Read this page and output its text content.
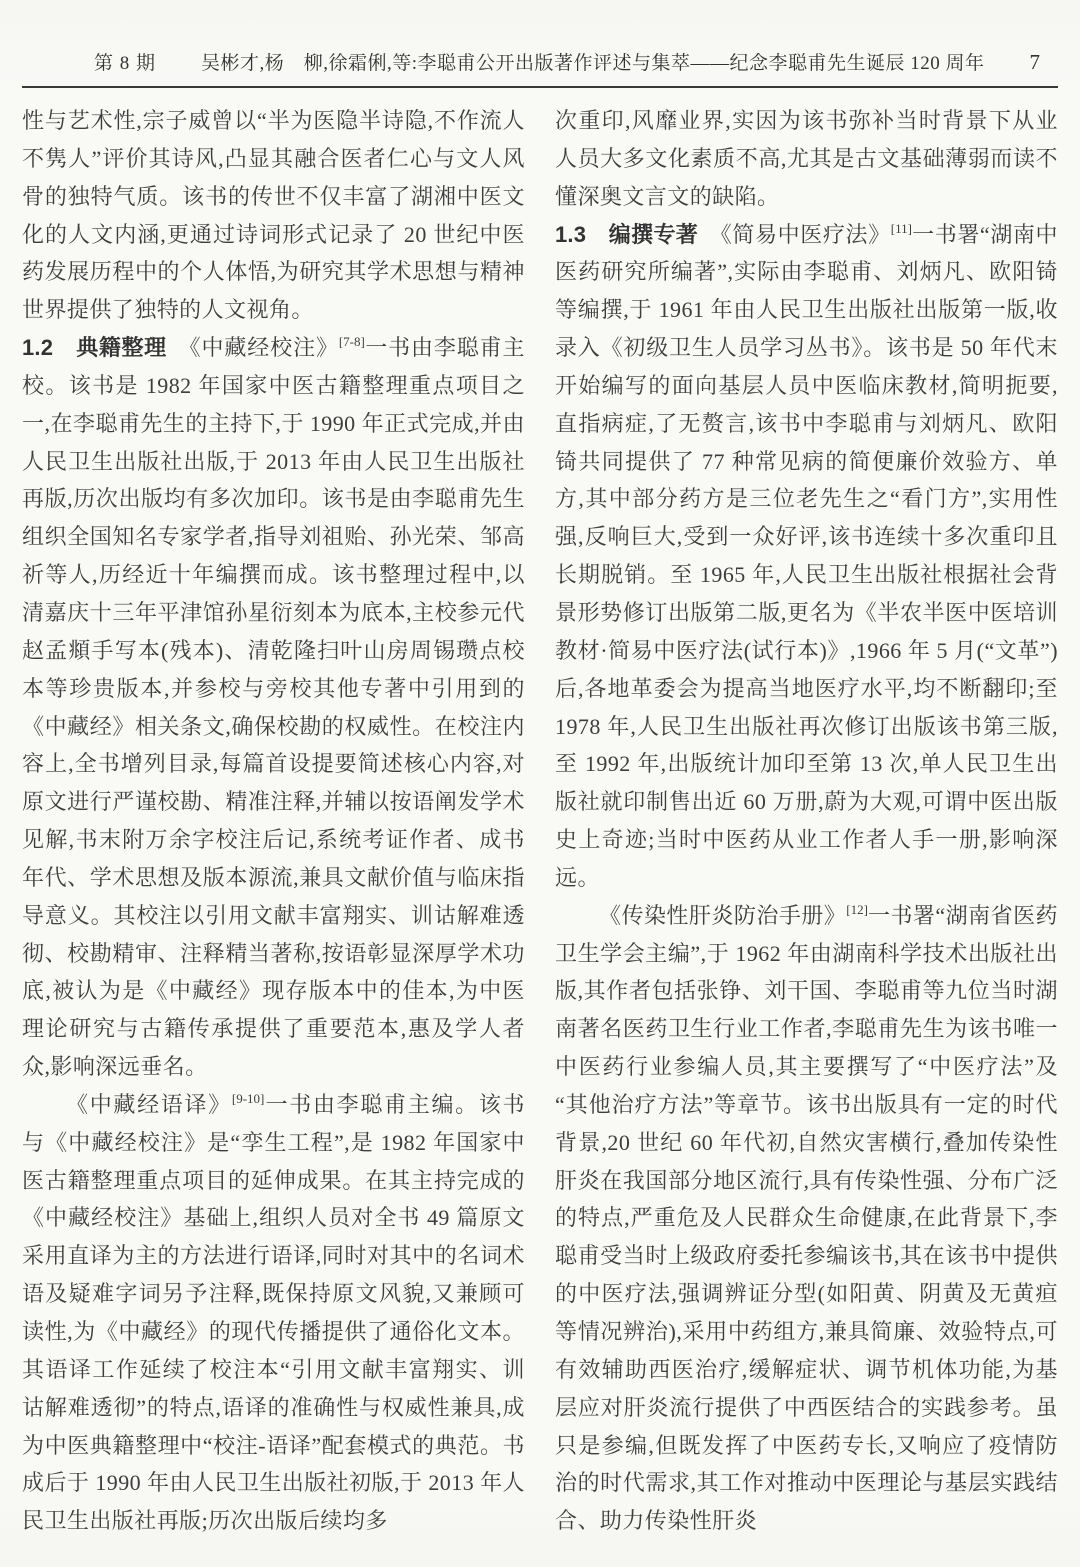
第 8 期	吴彬才,杨　柳,徐霜俐,等:李聪甫公开出版著作评述与集萃——纪念李聪甫先生诞辰 120 周年	7

性与艺术性,宗子威曾以“半为医隐半诗隐,不作流人不隽人”评价其诗风,凸显其融合医者仁心与文人风骨的独特气质。该书的传世不仅丰富了湖湘中医文化的人文内涵,更通过诗词形式记录了 20 世纪中医药发展历程中的个人体悟,为研究其学术思想与精神世界提供了独特的人文视角。

1.2　典籍整理　《中藏经校注》[7-8]一书由李聪甫主校。该书是 1982 年国家中医古籍整理重点项目之一,在李聪甫先生的主持下,于 1990 年正式完成,并由人民卫生出版社出版,于 2013 年由人民卫生出版社再版,历次出版均有多次加印。该书是由李聪甫先生组织全国知名专家学者,指导刘祖贻、孙光荣、邹高祈等人,历经近十年编撰而成。该书整理过程中,以清嘉庆十三年平津馆孙星衍刻本为底本,主校参元代赵孟頫手写本(残本)、清乾隆扫叶山房周锡瓒点校本等珍贵版本,并参校与旁校其他专著中引用到的《中藏经》相关条文,确保校勘的权威性。在校注内容上,全书增列目录,每篇首设提要简述核心内容,对原文进行严谨校勘、精准注释,并辅以按语阐发学术见解,书末附万余字校注后记,系统考证作者、成书年代、学术思想及版本源流,兼具文献价值与临床指导意义。其校注以引用文献丰富翔实、训诂解难透彻、校勘精审、注释精当著称,按语彰显深厚学术功底,被认为是《中藏经》现存版本中的佳本,为中医理论研究与古籍传承提供了重要范本,惠及学人者众,影响深远垂名。

《中藏经语译》[9-10]一书由李聪甫主编。该书与《中藏经校注》是“孪生工程”,是 1982 年国家中医古籍整理重点项目的延伸成果。在其主持完成的《中藏经校注》基础上,组织人员对全书 49 篇原文采用直译为主的方法进行语译,同时对其中的名词术语及疑难字词另予注释,既保持原文风貌,又兼顾可读性,为《中藏经》的现代传播提供了通俗化文本。其语译工作延续了校注本“引用文献丰富翔实、训诂解难透彻”的特点,语译的准确性与权威性兼具,成为中医典籍整理中“校注-语译”配套模式的典范。书成后于 1990 年由人民卫生出版社初版,于 2013 年人民卫生出版社再版;历次出版后续均多

次重印,风靡业界,实因为该书弥补当时背景下从业人员大多文化素质不高,尤其是古文基础薄弱而读不懂深奥文言文的缺陷。

1.3　编撰专著　《简易中医疗法》[11]一书署“湖南中医药研究所编著”,实际由李聪甫、刘炳凡、欧阳锜等编撰,于 1961 年由人民卫生出版社出版第一版,收录入《初级卫生人员学习丛书》。该书是 50 年代末开始编写的面向基层人员中医临床教材,简明扼要,直指病症,了无赘言,该书中李聪甫与刘炳凡、欧阳锜共同提供了 77 种常见病的简便廉价效验方、单方,其中部分药方是三位老先生之“看门方”,实用性强,反响巨大,受到一众好评,该书连续十多次重印且长期脱销。至 1965 年,人民卫生出版社根据社会背景形势修订出版第二版,更名为《半农半医中医培训教材·简易中医疗法(试行本)》,1966 年 5 月(“文革”)后,各地革委会为提高当地医疗水平,均不断翻印;至 1978 年,人民卫生出版社再次修订出版该书第三版,至 1992 年,出版统计加印至第 13 次,单人民卫生出版社就印制售出近 60 万册,蔚为大观,可谓中医出版史上奇迹;当时中医药从业工作者人手一册,影响深远。

《传染性肝炎防治手册》[12]一书署“湖南省医药卫生学会主编”,于 1962 年由湖南科学技术出版社出版,其作者包括张铮、刘干国、李聪甫等九位当时湖南著名医药卫生行业工作者,李聪甫先生为该书唯一中医药行业参编人员,其主要撰写了“中医疗法”及“其他治疗方法”等章节。该书出版具有一定的时代背景,20 世纪 60 年代初,自然灾害横行,叠加传染性肝炎在我国部分地区流行,具有传染性强、分布广泛的特点,严重危及人民群众生命健康,在此背景下,李聪甫受当时上级政府委托参编该书,其在该书中提供的中医疗法,强调辨证分型(如阳黄、阴黄及无黄疸等情况辨治),采用中药组方,兼具简廉、效验特点,可有效辅助西医治疗,缓解症状、调节机体功能,为基层应对肝炎流行提供了中西医结合的实践参考。虽只是参编,但既发挥了中医药专长,又响应了疫情防治的时代需求,其工作对推动中医理论与基层实践结合、助力传染性肝炎
